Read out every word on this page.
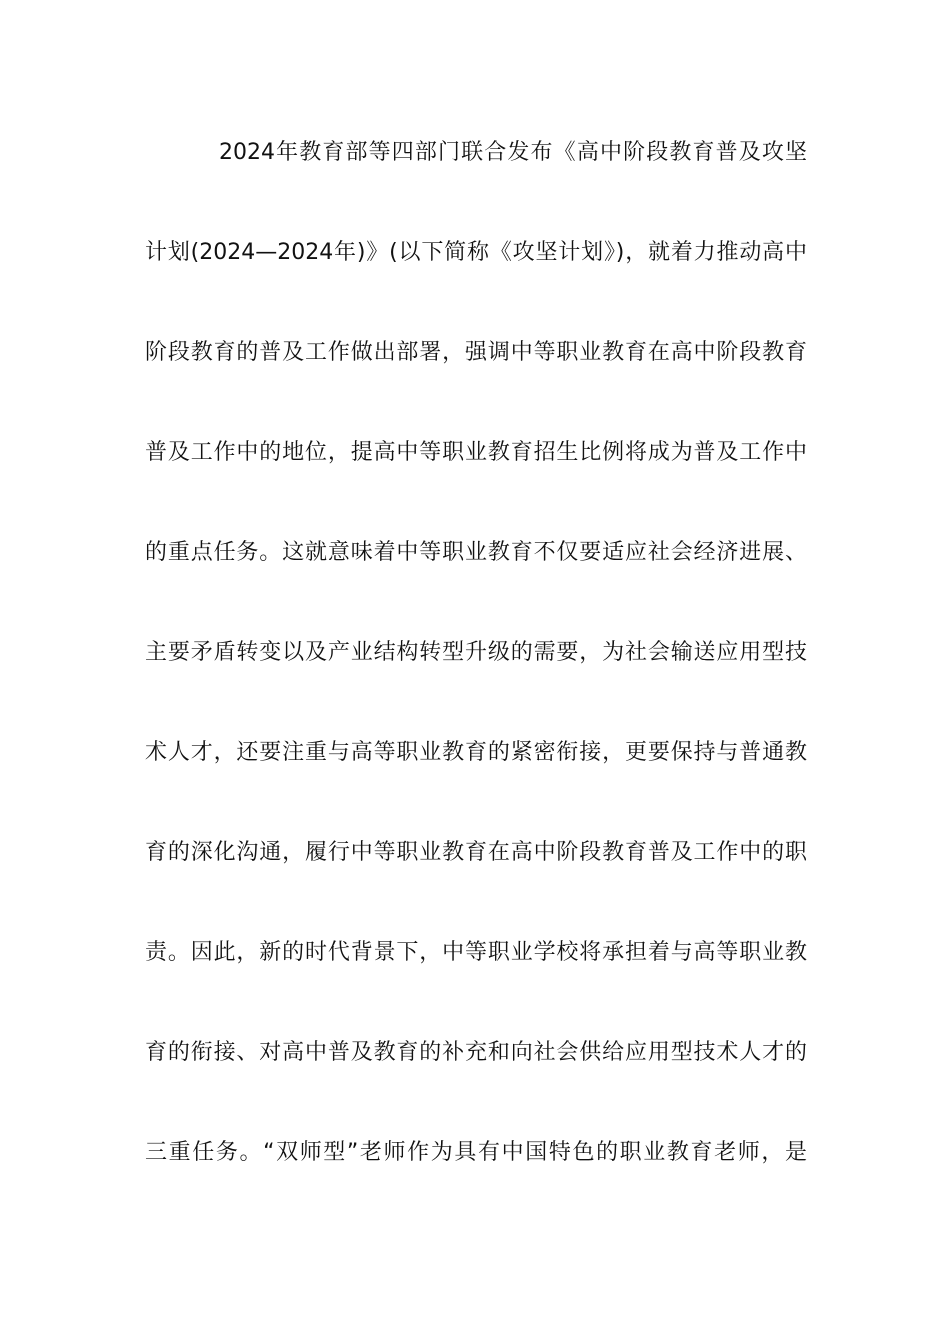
2024年教育部等四部门联合发布《高中阶段教育普及攻坚
计划(2024—2024年)》(以下简称《攻坚计划》)，就着力推动高中
阶段教育的普及工作做出部署，强调中等职业教育在高中阶段教育
普及工作中的地位，提高中等职业教育招生比例将成为普及工作中
的重点任务。这就意味着中等职业教育不仅要适应社会经济进展、
主要矛盾转变以及产业结构转型升级的需要，为社会输送应用型技
术人才，还要注重与高等职业教育的紧密衔接，更要保持与普通教
育的深化沟通，履行中等职业教育在高中阶段教育普及工作中的职
责。因此，新的时代背景下，中等职业学校将承担着与高等职业教
育的衔接、对高中普及教育的补充和向社会供给应用型技术人才的
三重任务。“双师型”老师作为具有中国特色的职业教育老师，是
